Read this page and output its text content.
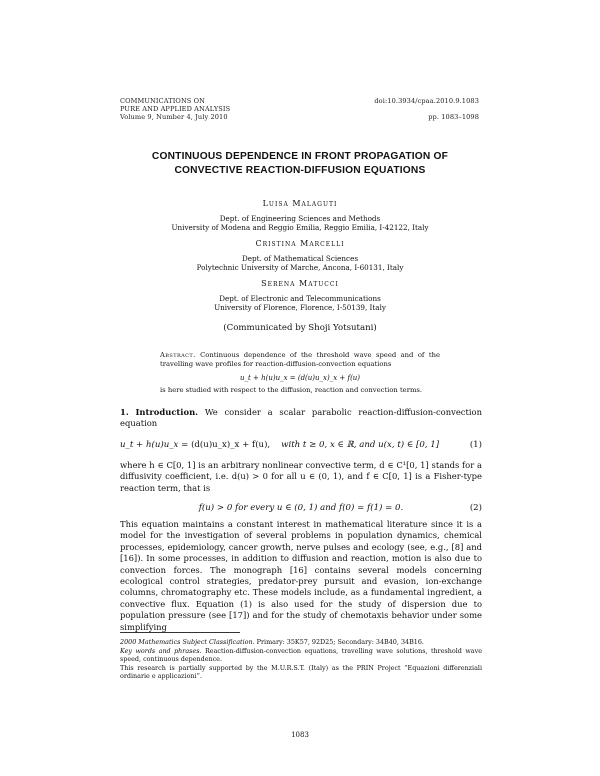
COMMUNICATIONS ON
PURE AND APPLIED ANALYSIS
Volume 9, Number 4, July 2010
doi:10.3934/cpaa.2010.9.1083
pp. 1083–1098
CONTINUOUS DEPENDENCE IN FRONT PROPAGATION OF
CONVECTIVE REACTION-DIFFUSION EQUATIONS
Luisa Malaguti
Dept. of Engineering Sciences and Methods
University of Modena and Reggio Emilia, Reggio Emilia, I-42122, Italy
Cristina Marcelli
Dept. of Mathematical Sciences
Polytechnic University of Marche, Ancona, I-60131, Italy
Serena Matucci
Dept. of Electronic and Telecommunications
University of Florence, Florence, I-50139, Italy
(Communicated by Shoji Yotsutani)
Abstract. Continuous dependence of the threshold wave speed and of the travelling wave profiles for reaction-diffusion-convection equations
u_t + h(u)u_x = (d(u)u_x)_x + f(u)
is here studied with respect to the diffusion, reaction and convection terms.
1. Introduction. We consider a scalar parabolic reaction-diffusion-convection equation
u_t + h(u)u_x = (d(u)u_x)_x + f(u), with t ≥ 0, x ∈ ℝ, and u(x, t) ∈ [0, 1]	(1)
where h ∈ C[0, 1] is an arbitrary nonlinear convective term, d ∈ C¹[0, 1] stands for a diffusivity coefficient, i.e. d(u) > 0 for all u ∈ (0, 1), and f ∈ C[0, 1] is a Fisher-type reaction term, that is
f(u) > 0 for every u ∈ (0, 1) and f(0) = f(1) = 0.	(2)
This equation maintains a constant interest in mathematical literature since it is a model for the investigation of several problems in population dynamics, chemical processes, epidemiology, cancer growth, nerve pulses and ecology (see, e.g., [8] and [16]). In some processes, in addition to diffusion and reaction, motion is also due to convection forces. The monograph [16] contains several models concerning ecological control strategies, predator-prey pursuit and evasion, ion-exchange columns, chromatography etc. These models include, as a fundamental ingredient, a convective flux. Equation (1) is also used for the study of dispersion due to population pressure (see [17]) and for the study of chemotaxis behavior under some simplifying
2000 Mathematics Subject Classification. Primary: 35K57, 92D25; Secondary: 34B40, 34B16.
Key words and phrases. Reaction-diffusion-convection equations, travelling wave solutions, threshold wave speed, continuous dependence.
This research is partially supported by the M.U.R.S.T. (Italy) as the PRIN Project “Equazioni differenziali ordinarie e applicazioni”.
1083
